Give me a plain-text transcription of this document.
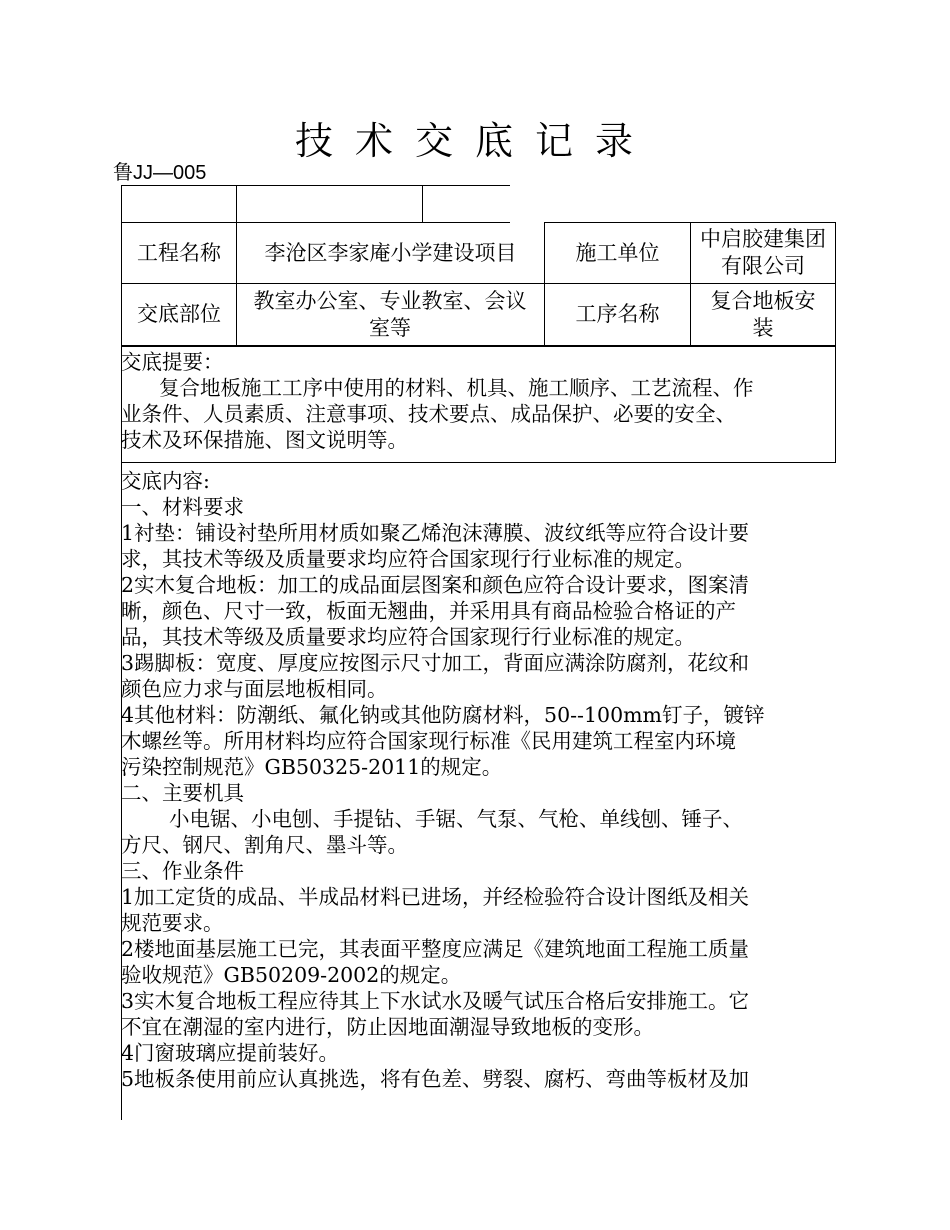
技术交底记录
鲁JJ—005
工程名称	李沧区李家庵小学建设项目	施工单位
中启胶建集团有限公司
交底部位
教室办公室、专业教室、会议室等
工序名称
复合地板安装

交底提要：

复合地板施工工序中使用的材料、机具、施工顺序、工艺流程、作

业条件、人员素质、注意事项、技术要点、成品保护、必要的安全、

技术及环保措施、图文说明等。

交底内容:

一、材料要求

1衬垫：铺设衬垫所用材质如聚乙烯泡沫薄膜、波纹纸等应符合设计要

求，其技术等级及质量要求均应符合国家现行行业标准的规定。

2实木复合地板：加工的成品面层图案和颜色应符合设计要求，图案清

晰，颜色、尺寸一致，板面无翘曲，并采用具有商品检验合格证的产

品，其技术等级及质量要求均应符合国家现行行业标准的规定。

3踢脚板：宽度、厚度应按图示尺寸加工，背面应满涂防腐剂，花纹和

颜色应力求与面层地板相同。

4其他材料：防潮纸、氟化钠或其他防腐材料，50--100mm钉子，镀锌

木螺丝等。所用材料均应符合国家现行标准《民用建筑工程室内环境

污染控制规范》GB50325-2011的规定。

二、主要机具

小电锯、小电刨、手提钻、手锯、气泵、气枪、单线刨、锤子、

方尺、钢尺、割角尺、墨斗等。

三、作业条件

1加工定货的成品、半成品材料已进场，并经检验符合设计图纸及相关

规范要求。

2楼地面基层施工已完，其表面平整度应满足《建筑地面工程施工质量

验收规范》GB50209-2002的规定。

3实木复合地板工程应待其上下水试水及暖气试压合格后安排施工。它

不宜在潮湿的室内进行，防止因地面潮湿导致地板的变形。

4门窗玻璃应提前装好。

5地板条使用前应认真挑选，将有色差、劈裂、腐朽、弯曲等板材及加
